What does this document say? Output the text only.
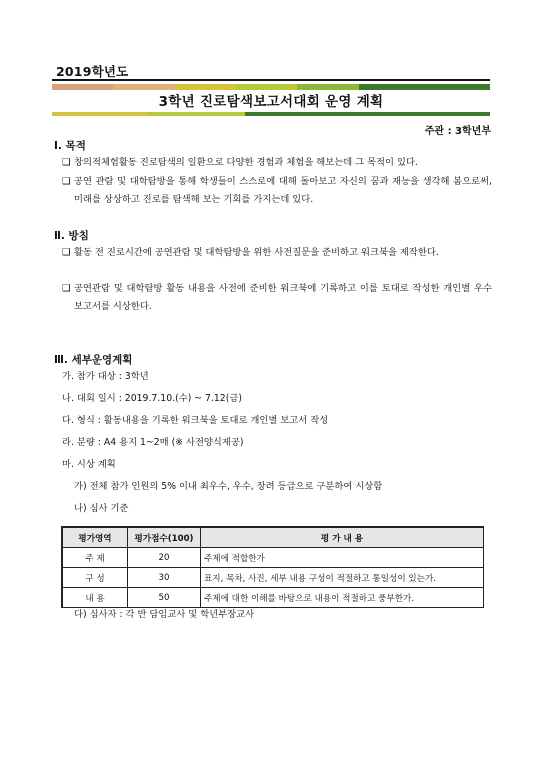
2019학년도
3학년 진로탐색보고서대회 운영 계획
주관 : 3학년부
Ⅰ. 목적
❑ 창의적체험활동 진로탐색의 일환으로 다양한 경험과 체험을 해보는데 그 목적이 있다.
❑ 공연 관람 및 대학탐방을 통해 학생들이 스스로에 대해 돌아보고 자신의 꿈과 재능을 생각해 봄으로써, 미래를 상상하고 진로를 탐색해 보는 기회를 가지는데 있다.
Ⅱ. 방침
❑ 활동 전 진로시간에 공연관람 및 대학탐방을 위한 사전질문을 준비하고 워크북을 제작한다.
❑ 공연관람 및 대학탐방 활동 내용을 사전에 준비한 워크북에 기록하고 이를 토대로 작성한 개인별 우수 보고서를 시상한다.
Ⅲ. 세부운영계획
가. 참가 대상 : 3학년
나. 대회 일시 : 2019.7.10.(수) ~ 7.12(금)
다. 형식 : 활동내용을 기록한 워크북을 토대로 개인별 보고서 작성
라. 분량 : A4 용지 1~2매 (※ 사전양식제공)
마. 시상 계획
가) 전체 참가 인원의 5% 이내 최우수, 우수, 장려 등급으로 구분하여 시상함
나) 심사 기준
평가영역	평가점수(100)	평 가 내 용
주 제	20	주제에 적합한가
구 성	30	표지, 목차, 사진, 세부 내용 구성이 적절하고 통일성이 있는가.
내 용	50	주제에 대한 이해를 바탕으로 내용이 적절하고 풍부한가.
다) 심사자 : 각 반 담임교사 및 학년부장교사
